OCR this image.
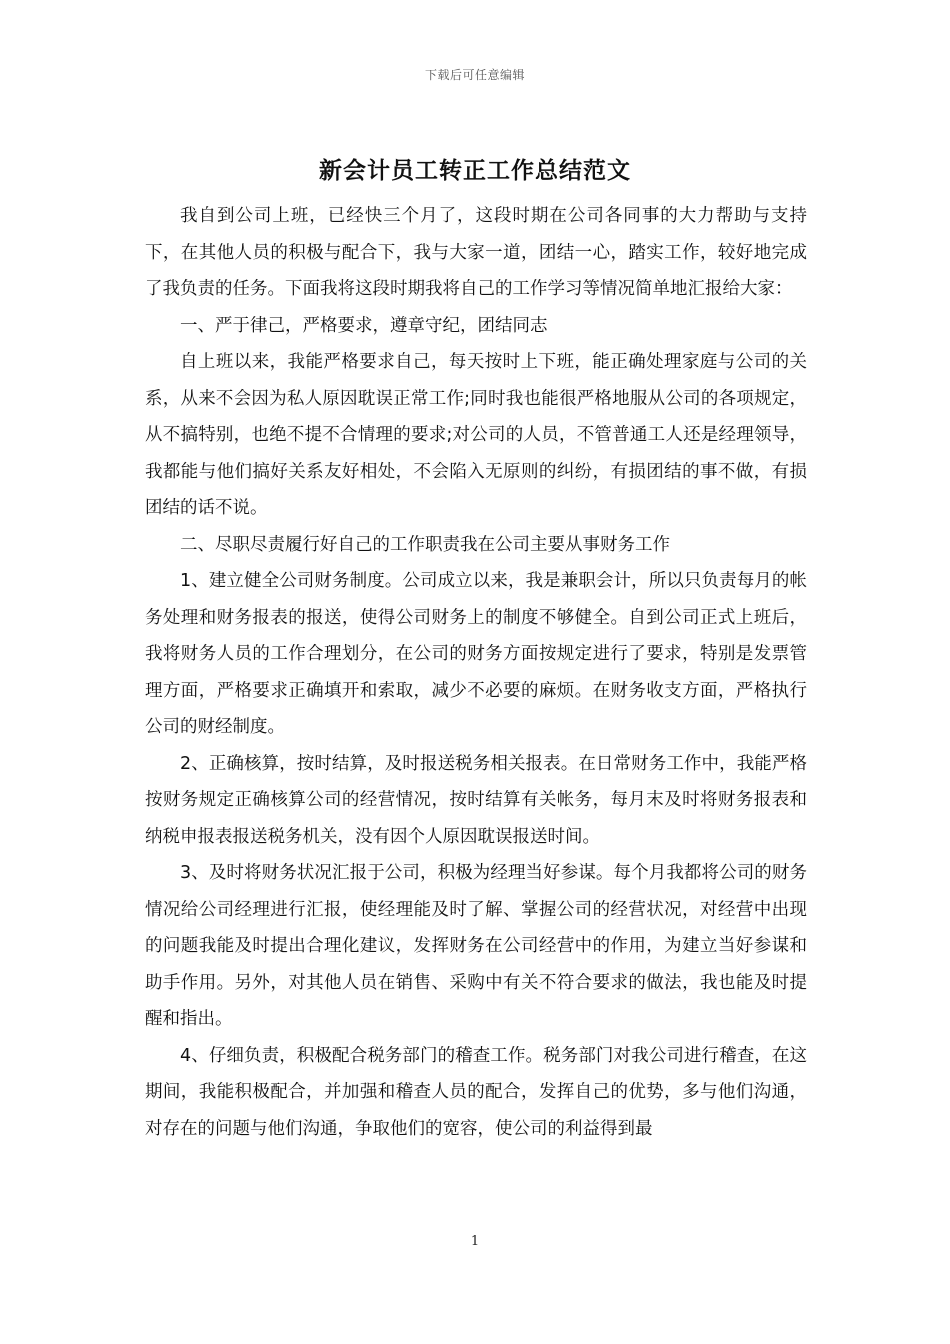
下载后可任意编辑
新会计员工转正工作总结范文

我自到公司上班，已经快三个月了，这段时期在公司各同事的大力帮助与支持下，在其他人员的积极与配合下，我与大家一道，团结一心，踏实工作，较好地完成了我负责的任务。下面我将这段时期我将自己的工作学习等情况简单地汇报给大家：

一、严于律己，严格要求，遵章守纪，团结同志

自上班以来，我能严格要求自己，每天按时上下班，能正确处理家庭与公司的关系，从来不会因为私人原因耽误正常工作;同时我也能很严格地服从公司的各项规定，从不搞特别，也绝不提不合情理的要求;对公司的人员，不管普通工人还是经理领导，我都能与他们搞好关系友好相处，不会陷入无原则的纠纷，有损团结的事不做，有损团结的话不说。

二、尽职尽责履行好自己的工作职责我在公司主要从事财务工作

1、建立健全公司财务制度。公司成立以来，我是兼职会计，所以只负责每月的帐务处理和财务报表的报送，使得公司财务上的制度不够健全。自到公司正式上班后，我将财务人员的工作合理划分，在公司的财务方面按规定进行了要求，特别是发票管理方面，严格要求正确填开和索取，减少不必要的麻烦。在财务收支方面，严格执行公司的财经制度。

2、正确核算，按时结算，及时报送税务相关报表。在日常财务工作中，我能严格按财务规定正确核算公司的经营情况，按时结算有关帐务，每月末及时将财务报表和纳税申报表报送税务机关，没有因个人原因耽误报送时间。

3、及时将财务状况汇报于公司，积极为经理当好参谋。每个月我都将公司的财务情况给公司经理进行汇报，使经理能及时了解、掌握公司的经营状况，对经营中出现的问题我能及时提出合理化建议，发挥财务在公司经营中的作用，为建立当好参谋和助手作用。另外，对其他人员在销售、采购中有关不符合要求的做法，我也能及时提醒和指出。

4、仔细负责，积极配合税务部门的稽查工作。税务部门对我公司进行稽查，在这期间，我能积极配合，并加强和稽查人员的配合，发挥自己的优势，多与他们沟通，对存在的问题与他们沟通，争取他们的宽容，使公司的利益得到最

1
